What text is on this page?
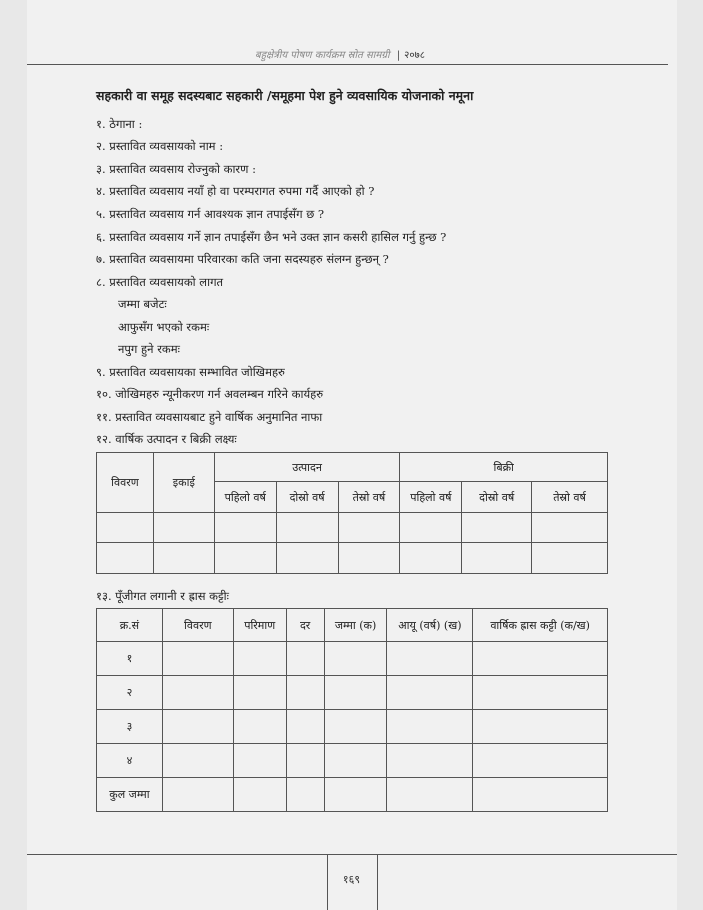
बहुक्षेत्रीय पोषण कार्यक्रम स्रोत सामग्री | २०७८
सहकारी वा समूह सदस्यबाट सहकारी /समूहमा पेश हुने व्यवसायिक योजनाको नमूना
१. ठेगाना :
२. प्रस्तावित व्यवसायको नाम :
३. प्रस्तावित व्यवसाय रोज्नुको कारण :
४. प्रस्तावित व्यवसाय नयाँ हो वा परम्परागत रुपमा गर्दै आएको हो ?
५. प्रस्तावित व्यवसाय गर्न आवश्यक ज्ञान तपाईसँग छ ?
६. प्रस्तावित व्यवसाय गर्ने ज्ञान तपाईसँग छैन भने उक्त ज्ञान कसरी हासिल गर्नु हुन्छ ?
७. प्रस्तावित व्यवसायमा परिवारका कति जना सदस्यहरु संलग्न हुन्छन् ?
८. प्रस्तावित व्यवसायको लागत
जम्मा बजेटः
आफुसँग भएको रकमः
नपुग हुने रकमः
९. प्रस्तावित व्यवसायका सम्भावित जोखिमहरु
१०. जोखिमहरु न्यूनीकरण गर्न अवलम्बन गरिने कार्यहरु
११. प्रस्तावित व्यवसायबाट हुने वार्षिक अनुमानित नाफा
१२. वार्षिक उत्पादन र बिक्री लक्ष्यः
विवरण	इकाई	उत्पादन			बिक्री		
		पहिलो वर्ष	दोस्रो वर्ष	तेस्रो वर्ष	पहिलो वर्ष	दोस्रो वर्ष	तेस्रो वर्ष

१३. पूँजीगत लगानी र ह्रास कट्टीः
क्र.सं	विवरण	परिमाण	दर	जम्मा (क)	आयू (वर्ष) (ख)	वार्षिक ह्रास कट्टी (क/ख)
१						
२						
३						
४						
कुल जम्मा						
१६९
